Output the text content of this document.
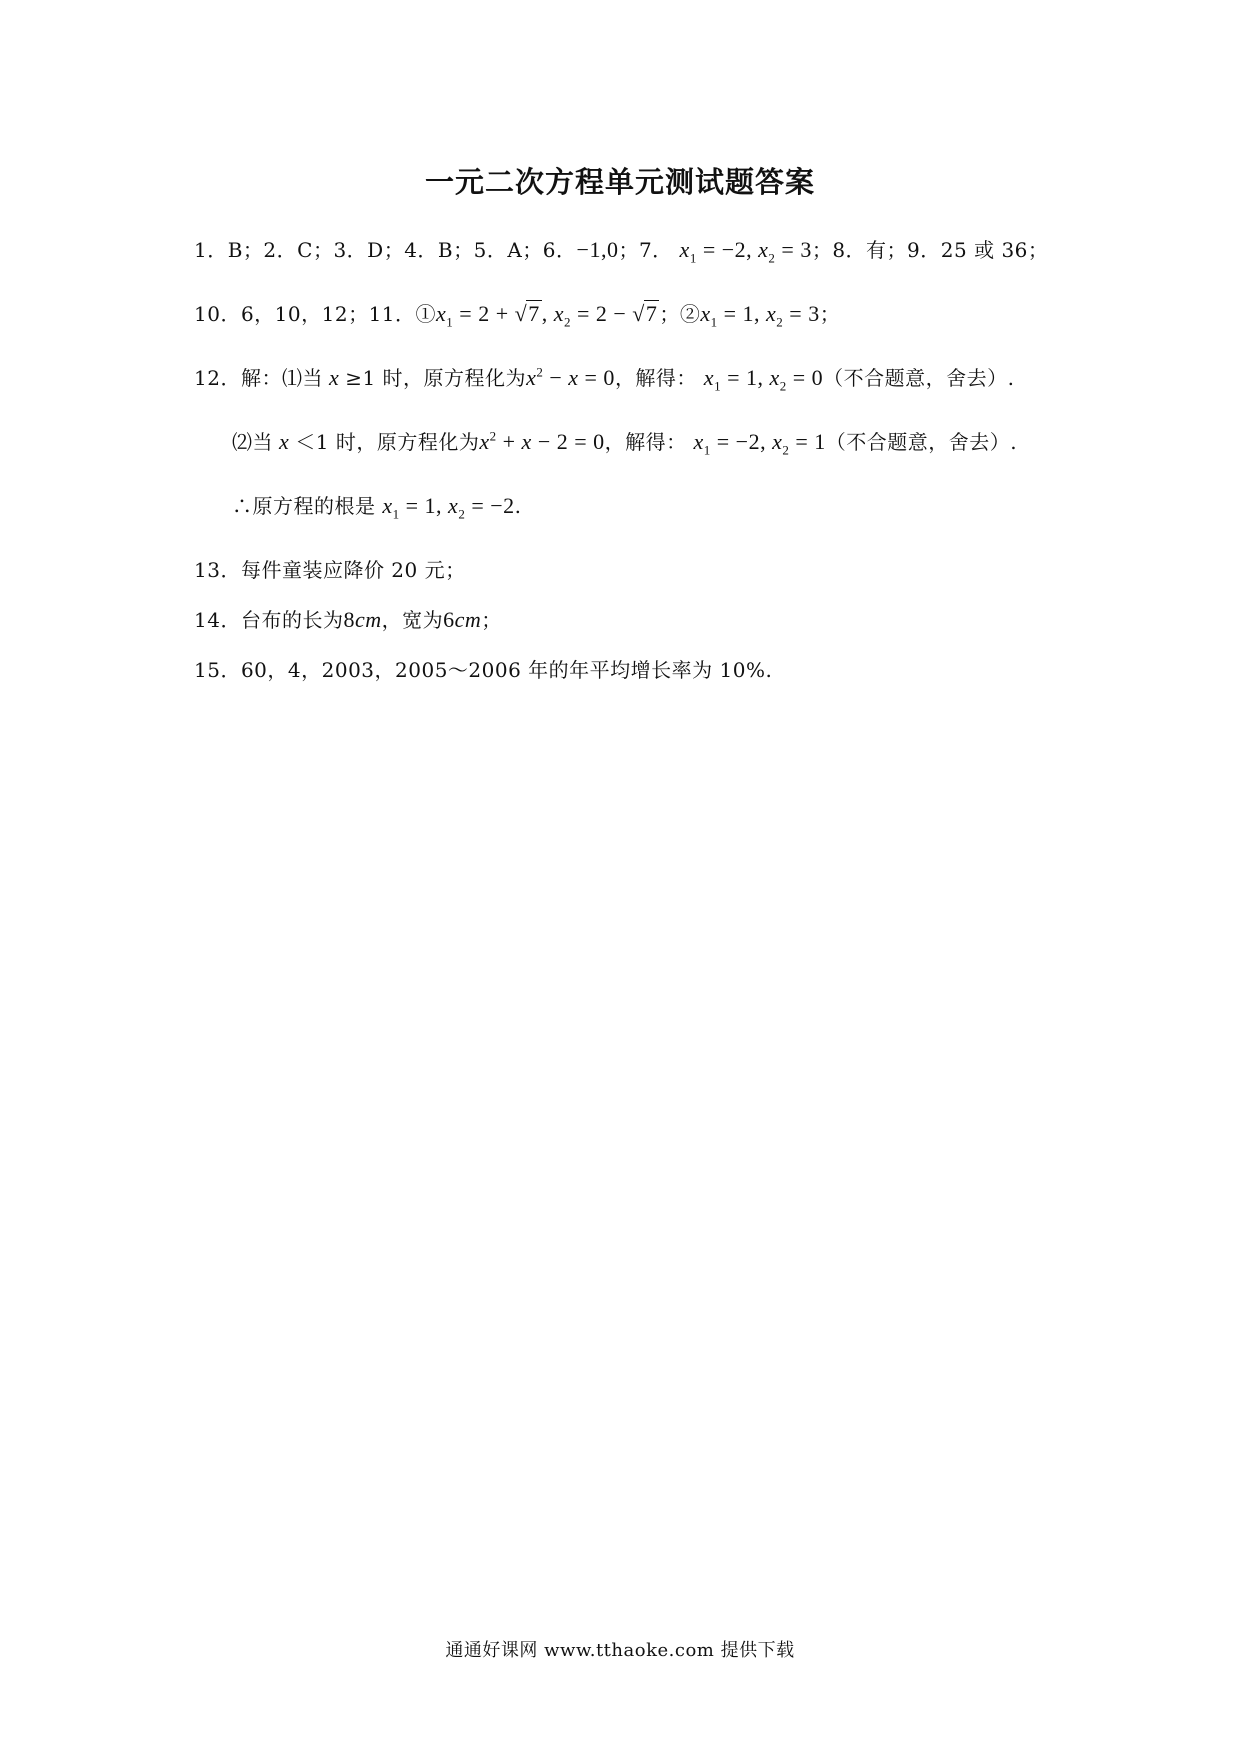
一元二次方程单元测试题答案
1．B；2．C；3．D；4．B；5．A；6．−1,0；7． $x_1 = -2$, $x_2 = 3$；8．有；9．25 或 36；
10．6，10，12；11．$①x_1 = 2 + √7$, $x_2 = 2 - √7$ ；$②x_1 = 1$, $x_2 = 3$；
12．解：⑴当 x ≥1 时，原方程化为$x^2 - x = 0$，解得： $x_1 = 1$, $x_2 = 0$（不合题意，舍去）.
⑵当 x ＜1 时，原方程化为$x^2 + x - 2 = 0$，解得： $x_1 = -2$, $x_2 = 1$（不合题意，舍去）.
∴原方程的根是 $x_1 = 1$, $x_2 = -2$.
13．每件童装应降价 20 元；
14．台布的长为8cm，宽为6cm；
15．60，4，2003，2005～2006 年的年平均增长率为 10%.
通通好课网 www.tthaoke.com 提供下载
